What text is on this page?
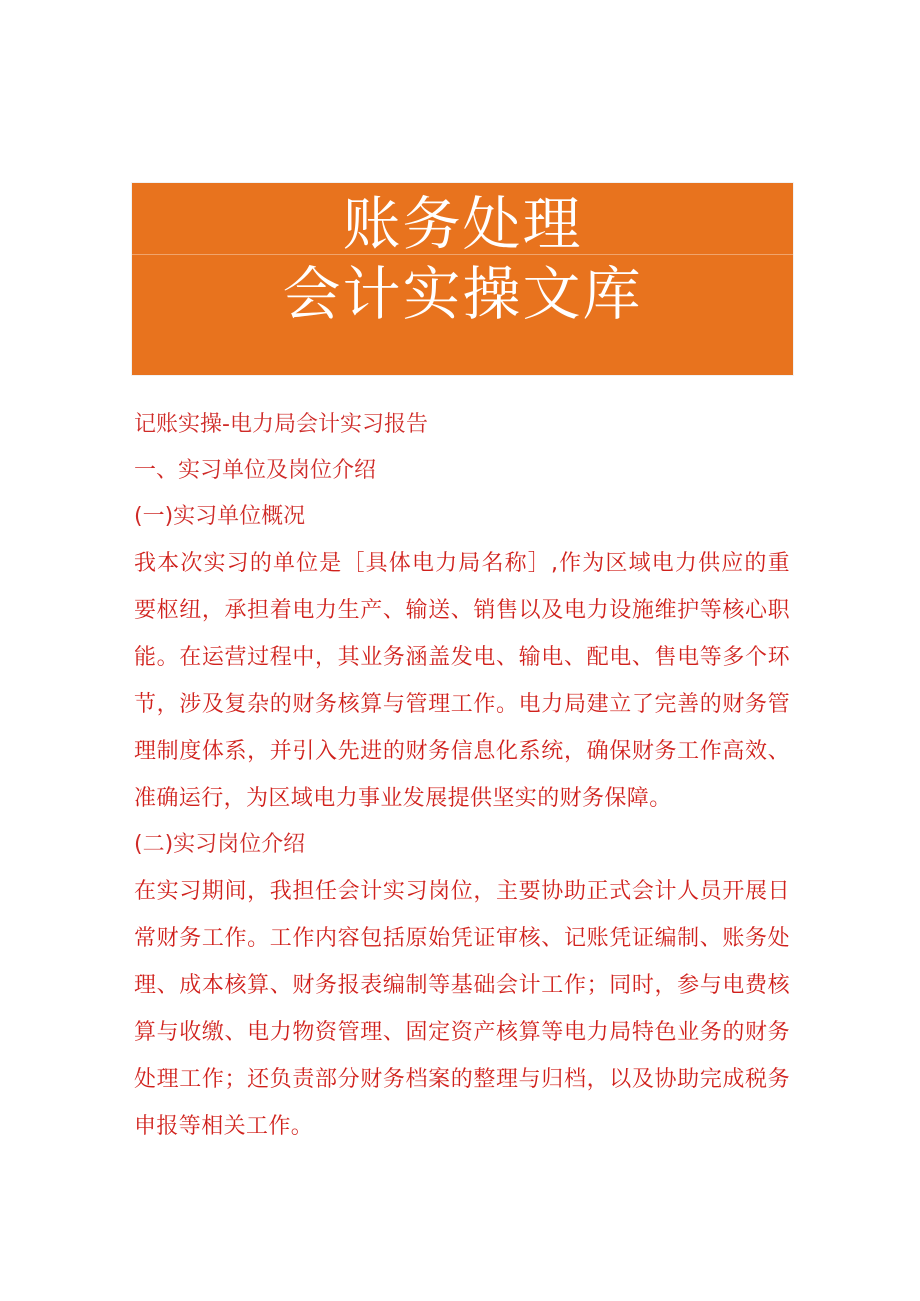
账务处理
会计实操文库

记账实操-电力局会计实习报告

一、实习单位及岗位介绍

(一)实习单位概况

我本次实习的单位是［具体电力局名称］,作为区域电力供应的重要枢纽，承担着电力生产、输送、销售以及电力设施维护等核心职能。在运营过程中，其业务涵盖发电、输电、配电、售电等多个环节，涉及复杂的财务核算与管理工作。电力局建立了完善的财务管理制度体系，并引入先进的财务信息化系统，确保财务工作高效、准确运行，为区域电力事业发展提供坚实的财务保障。

(二)实习岗位介绍

在实习期间，我担任会计实习岗位，主要协助正式会计人员开展日常财务工作。工作内容包括原始凭证审核、记账凭证编制、账务处理、成本核算、财务报表编制等基础会计工作；同时，参与电费核算与收缴、电力物资管理、固定资产核算等电力局特色业务的财务处理工作；还负责部分财务档案的整理与归档，以及协助完成税务申报等相关工作。
